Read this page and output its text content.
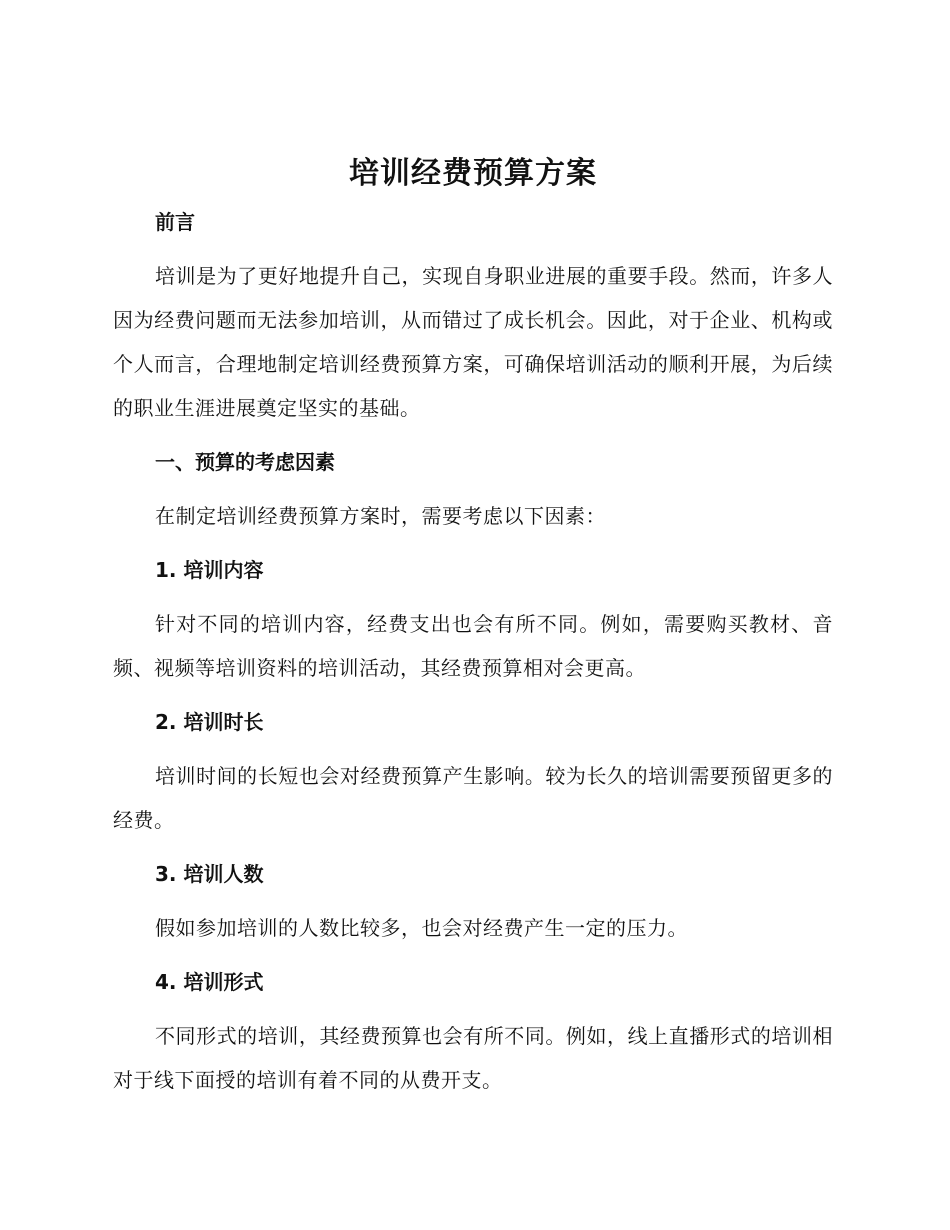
培训经费预算方案
前言

培训是为了更好地提升自己，实现自身职业进展的重要手段。然而，许多人因为经费问题而无法参加培训，从而错过了成长机会。因此，对于企业、机构或个人而言，合理地制定培训经费预算方案，可确保培训活动的顺利开展，为后续的职业生涯进展奠定坚实的基础。

一、预算的考虑因素

在制定培训经费预算方案时，需要考虑以下因素：

1. 培训内容

针对不同的培训内容，经费支出也会有所不同。例如，需要购买教材、音频、视频等培训资料的培训活动，其经费预算相对会更高。

2. 培训时长

培训时间的长短也会对经费预算产生影响。较为长久的培训需要预留更多的经费。

3. 培训人数

假如参加培训的人数比较多，也会对经费产生一定的压力。

4. 培训形式

不同形式的培训，其经费预算也会有所不同。例如，线上直播形式的培训相对于线下面授的培训有着不同的从费开支。
